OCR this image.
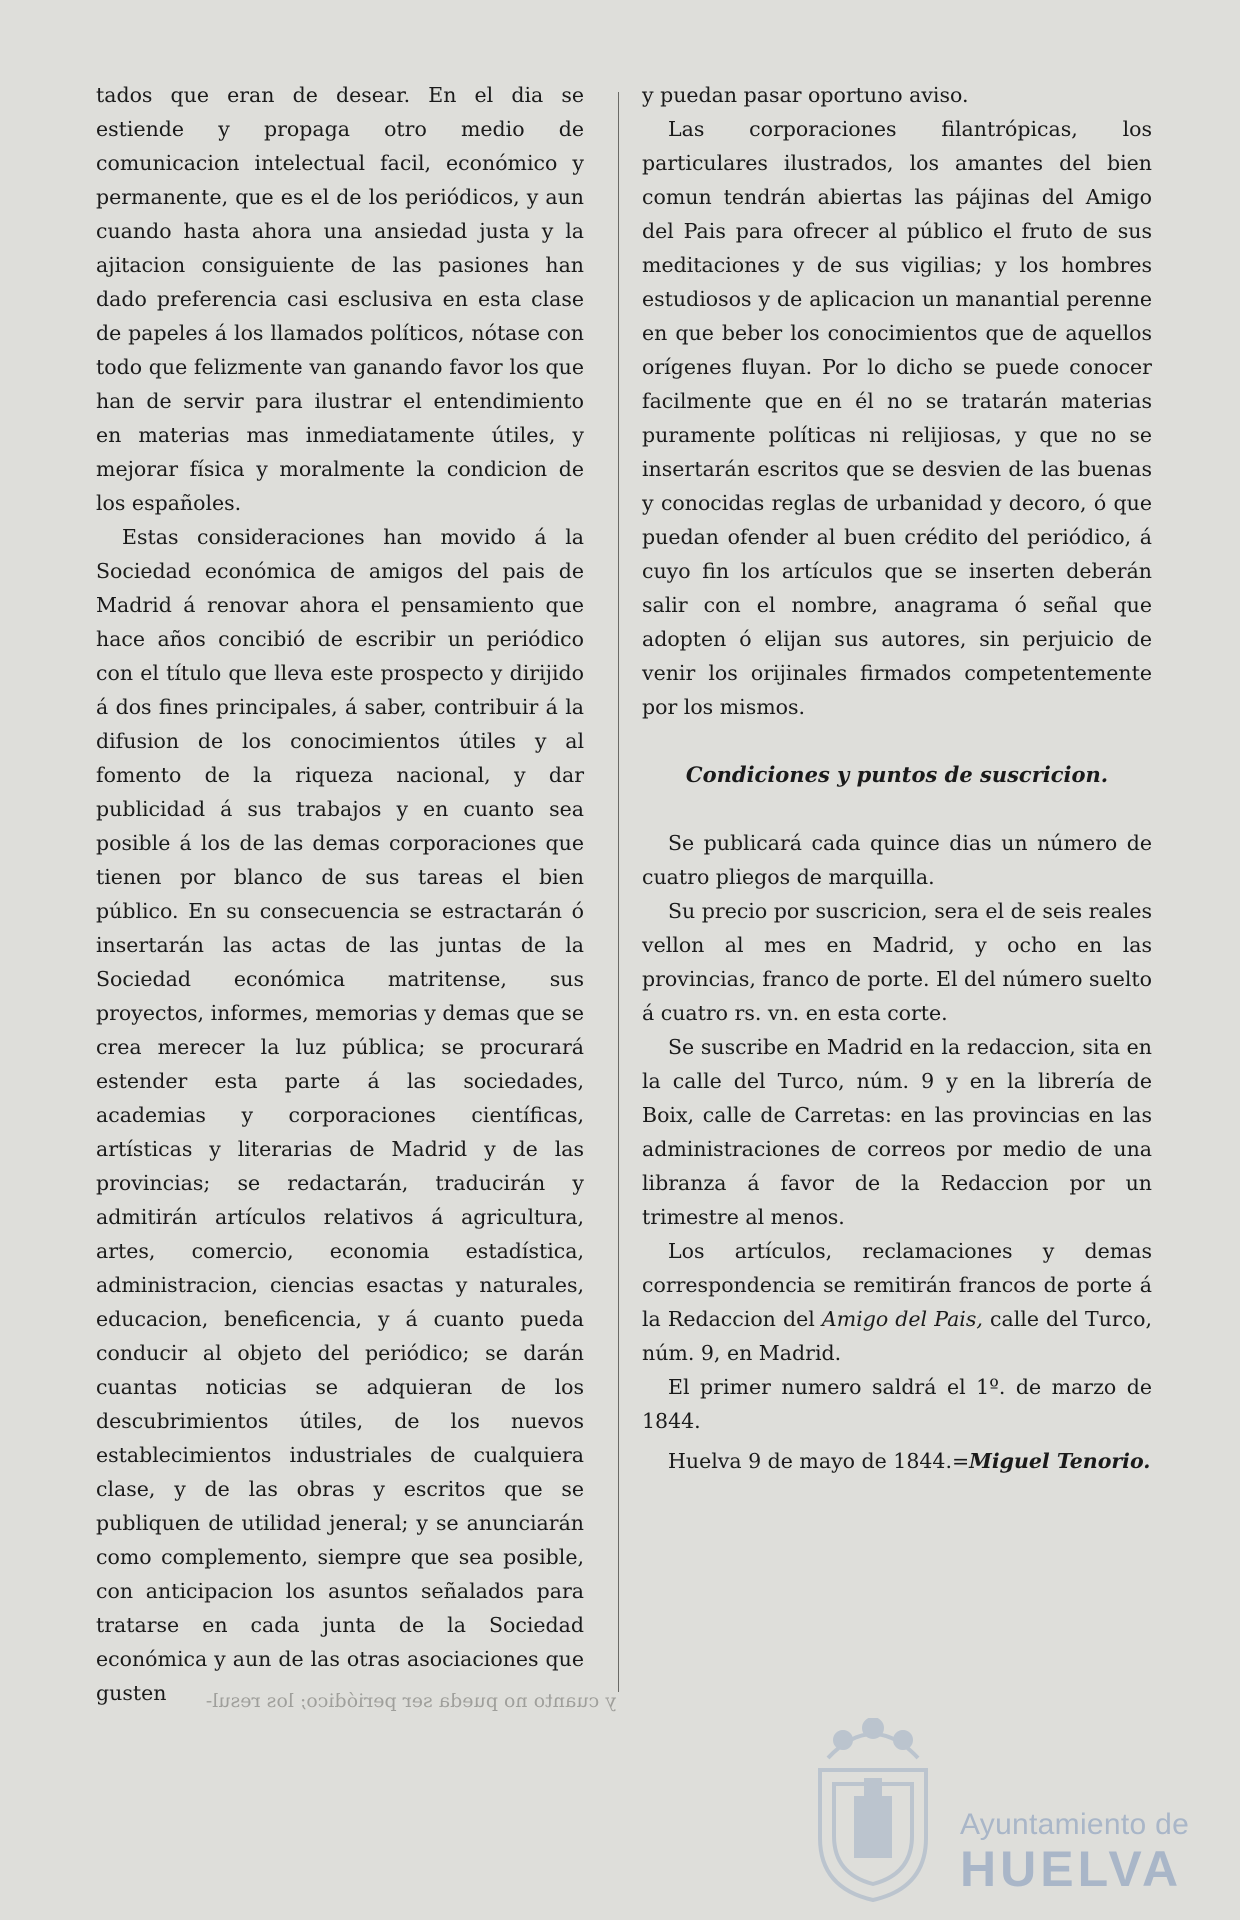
tados que eran de desear. En el dia se estiende y propaga otro medio de comunicacion intelectual facil, económico y permanente, que es el de los periódicos, y aun cuando hasta ahora una ansiedad justa y la ajitacion consiguiente de las pasiones han dado preferencia casi esclusiva en esta clase de papeles á los llamados políticos, nótase con todo que felizmente van ganando favor los que han de servir para ilustrar el entendimiento en materias mas inmediatamente útiles, y mejorar física y moralmente la condicion de los españoles.

Estas consideraciones han movido á la Sociedad económica de amigos del pais de Madrid á renovar ahora el pensamiento que hace años concibió de escribir un periódico con el título que lleva este prospecto y dirijido á dos fines principales, á saber, contribuir á la difusion de los conocimientos útiles y al fomento de la riqueza nacional, y dar publicidad á sus trabajos y en cuanto sea posible á los de las demas corporaciones que tienen por blanco de sus tareas el bien público. En su consecuencia se estractarán ó insertarán las actas de las juntas de la Sociedad económica matritense, sus proyectos, informes, memorias y demas que se crea merecer la luz pública; se procurará estender esta parte á las sociedades, academias y corporaciones científicas, artísticas y literarias de Madrid y de las provincias; se redactarán, traducirán y admitirán artículos relativos á agricultura, artes, comercio, economia estadística, administracion, ciencias esactas y naturales, educacion, beneficencia, y á cuanto pueda conducir al objeto del periódico; se darán cuantas noticias se adquieran de los descubrimientos útiles, de los nuevos establecimientos industriales de cualquiera clase, y de las obras y escritos que se publiquen de utilidad jeneral; y se anunciarán como complemento, siempre que sea posible, con anticipacion los asuntos señalados para tratarse en cada junta de la Sociedad económica y aun de las otras asociaciones que gusten

y puedan pasar oportuno aviso.

Las corporaciones filantrópicas, los particulares ilustrados, los amantes del bien comun tendrán abiertas las pájinas del Amigo del Pais para ofrecer al público el fruto de sus meditaciones y de sus vigilias; y los hombres estudiosos y de aplicacion un manantial perenne en que beber los conocimientos que de aquellos orígenes fluyan. Por lo dicho se puede conocer facilmente que en él no se tratarán materias puramente políticas ni relijiosas, y que no se insertarán escritos que se desvien de las buenas y conocidas reglas de urbanidad y decoro, ó que puedan ofender al buen crédito del periódico, á cuyo fin los artículos que se inserten deberán salir con el nombre, anagrama ó señal que adopten ó elijan sus autores, sin perjuicio de venir los orijinales firmados competentemente por los mismos.

Condiciones y puntos de suscricion.

Se publicará cada quince dias un número de cuatro pliegos de marquilla.

Su precio por suscricion, sera el de seis reales vellon al mes en Madrid, y ocho en las provincias, franco de porte. El del número suelto á cuatro rs. vn. en esta corte.

Se suscribe en Madrid en la redaccion, sita en la calle del Turco, núm. 9 y en la librería de Boix, calle de Carretas: en las provincias en las administraciones de correos por medio de una libranza á favor de la Redaccion por un trimestre al menos.

Los artículos, reclamaciones y demas correspondencia se remitirán francos de porte á la Redaccion del Amigo del Pais, calle del Turco, núm. 9, en Madrid.

El primer numero saldrá el 1º. de marzo de 1844.

Huelva 9 de mayo de 1844.=Miguel Tenorio.

y cuanto no pueda ser periódico; los resul-
Ayuntamiento de
HUELVA
